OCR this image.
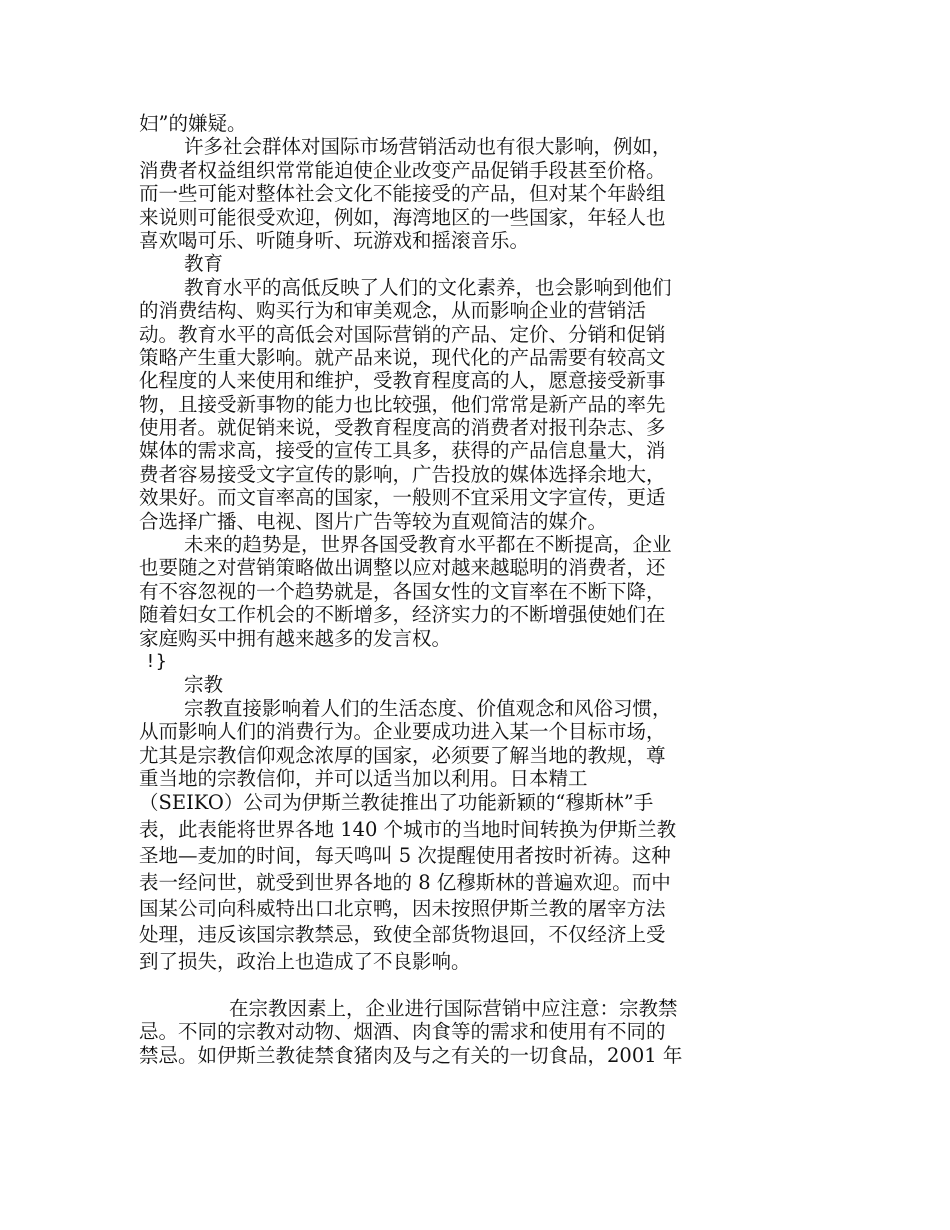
妇”的嫌疑。
许多社会群体对国际市场营销活动也有很大影响，例如，
消费者权益组织常常能迫使企业改变产品促销手段甚至价格。
而一些可能对整体社会文化不能接受的产品，但对某个年龄组
来说则可能很受欢迎，例如，海湾地区的一些国家，年轻人也
喜欢喝可乐、听随身听、玩游戏和摇滚音乐。
教育
教育水平的高低反映了人们的文化素养，也会影响到他们
的消费结构、购买行为和审美观念，从而影响企业的营销活
动。教育水平的高低会对国际营销的产品、定价、分销和促销
策略产生重大影响。就产品来说，现代化的产品需要有较高文
化程度的人来使用和维护，受教育程度高的人，愿意接受新事
物，且接受新事物的能力也比较强，他们常常是新产品的率先
使用者。就促销来说，受教育程度高的消费者对报刊杂志、多
媒体的需求高，接受的宣传工具多，获得的产品信息量大，消
费者容易接受文字宣传的影响，广告投放的媒体选择余地大，
效果好。而文盲率高的国家，一般则不宜采用文字宣传，更适
合选择广播、电视、图片广告等较为直观简洁的媒介。
未来的趋势是，世界各国受教育水平都在不断提高，企业
也要随之对营销策略做出调整以应对越来越聪明的消费者，还
有不容忽视的一个趋势就是，各国女性的文盲率在不断下降，
随着妇女工作机会的不断增多，经济实力的不断增强使她们在
家庭购买中拥有越来越多的发言权。
!}
宗教
宗教直接影响着人们的生活态度、价值观念和风俗习惯，
从而影响人们的消费行为。企业要成功进入某一个目标市场，
尤其是宗教信仰观念浓厚的国家，必须要了解当地的教规，尊
重当地的宗教信仰，并可以适当加以利用。日本精工
（SEIKO）公司为伊斯兰教徒推出了功能新颖的“穆斯林”手
表，此表能将世界各地 140 个城市的当地时间转换为伊斯兰教
圣地—麦加的时间，每天鸣叫 5 次提醒使用者按时祈祷。这种
表一经问世，就受到世界各地的 8 亿穆斯林的普遍欢迎。而中
国某公司向科威特出口北京鸭，因未按照伊斯兰教的屠宰方法
处理，违反该国宗教禁忌，致使全部货物退回，不仅经济上受
到了损失，政治上也造成了不良影响。
在宗教因素上，企业进行国际营销中应注意：宗教禁
忌。不同的宗教对动物、烟酒、肉食等的需求和使用有不同的
禁忌。如伊斯兰教徒禁食猪肉及与之有关的一切食品，2001 年
